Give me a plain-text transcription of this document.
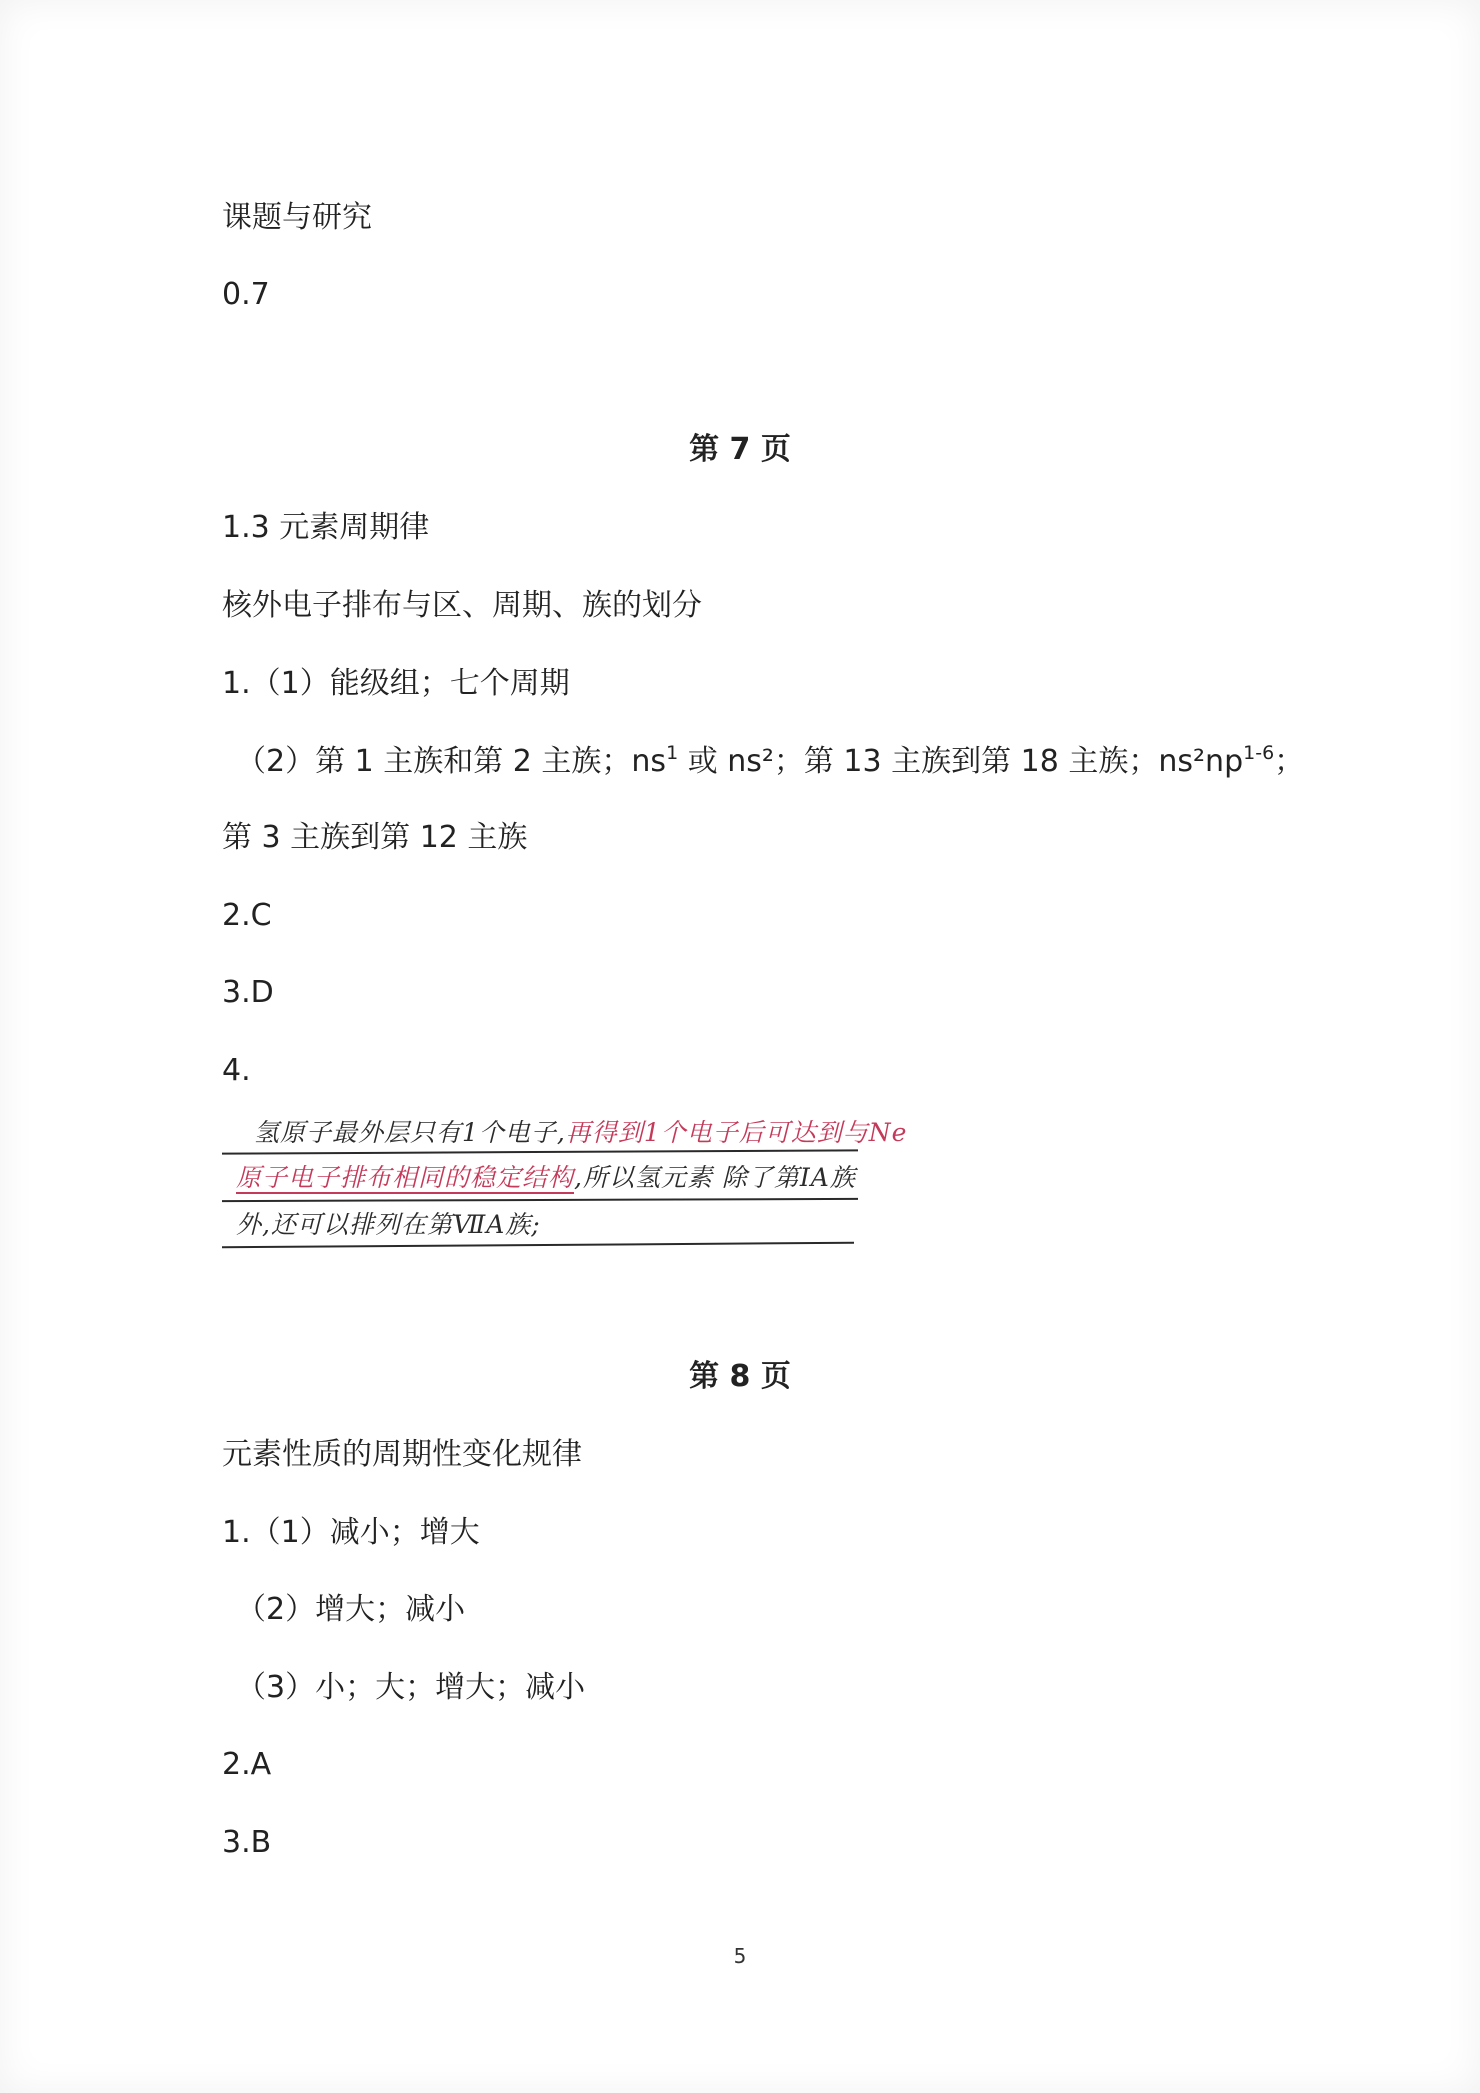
课题与研究
0.7
第 7 页
1.3 元素周期律
核外电子排布与区、周期、族的划分
1.（1）能级组；七个周期
（2）第 1 主族和第 2 主族；$ns^1$ 或 ns²；第 13 主族到第 18 主族；$ns^2np^{1-6}$；
第 3 主族到第 12 主族
2.C
3.D
4.
氢原子最外层只有1个电子,再得到1个电子后可达到与Ne
原子电子排布相同的稳定结构,所以氢元素 除了第ⅠA族
外,还可以排列在第ⅦA族;
第 8 页
元素性质的周期性变化规律
1.（1）减小；增大
（2）增大；减小
（3）小；大；增大；减小
2.A
3.B
5
